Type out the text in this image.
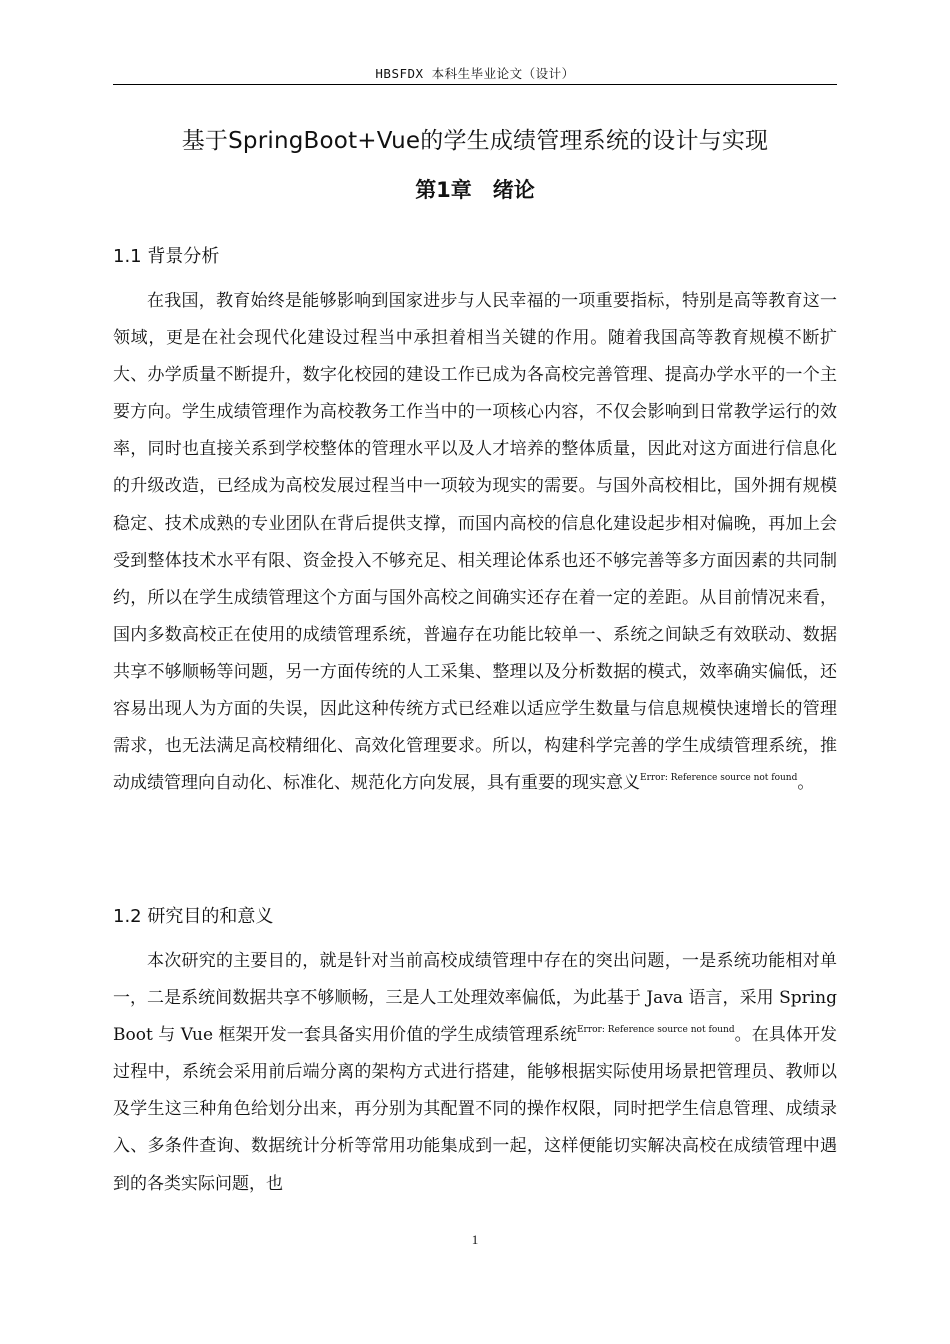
HBSFDX 本科生毕业论文（设计）
基于SpringBoot+Vue的学生成绩管理系统的设计与实现
第1章　绪论
1.1 背景分析

在我国，教育始终是能够影响到国家进步与人民幸福的一项重要指标，特别是高等教育这一领域，更是在社会现代化建设过程当中承担着相当关键的作用。随着我国高等教育规模不断扩大、办学质量不断提升，数字化校园的建设工作已成为各高校完善管理、提高办学水平的一个主要方向。学生成绩管理作为高校教务工作当中的一项核心内容，不仅会影响到日常教学运行的效率，同时也直接关系到学校整体的管理水平以及人才培养的整体质量，因此对这方面进行信息化的升级改造，已经成为高校发展过程当中一项较为现实的需要。与国外高校相比，国外拥有规模稳定、技术成熟的专业团队在背后提供支撑，而国内高校的信息化建设起步相对偏晚，再加上会受到整体技术水平有限、资金投入不够充足、相关理论体系也还不够完善等多方面因素的共同制约，所以在学生成绩管理这个方面与国外高校之间确实还存在着一定的差距。从目前情况来看，国内多数高校正在使用的成绩管理系统，普遍存在功能比较单一、系统之间缺乏有效联动、数据共享不够顺畅等问题，另一方面传统的人工采集、整理以及分析数据的模式，效率确实偏低，还容易出现人为方面的失误，因此这种传统方式已经难以适应学生数量与信息规模快速增长的管理需求，也无法满足高校精细化、高效化管理要求。所以，构建科学完善的学生成绩管理系统，推动成绩管理向自动化、标准化、规范化方向发展，具有重要的现实意义$^{Error: Reference source not found}$。

1.2 研究目的和意义

本次研究的主要目的，就是针对当前高校成绩管理中存在的突出问题，一是系统功能相对单一，二是系统间数据共享不够顺畅，三是人工处理效率偏低，为此基于 Java 语言，采用 SpringBoot 与 Vue 框架开发一套具备实用价值的学生成绩管理系统$^{Error: Reference source not found}$。在具体开发过程中，系统会采用前后端分离的架构方式进行搭建，能够根据实际使用场景把管理员、教师以及学生这三种角色给划分出来，再分别为其配置不同的操作权限，同时把学生信息管理、成绩录入、多条件查询、数据统计分析等常用功能集成到一起，这样便能切实解决高校在成绩管理中遇到的各类实际问题，也

1
